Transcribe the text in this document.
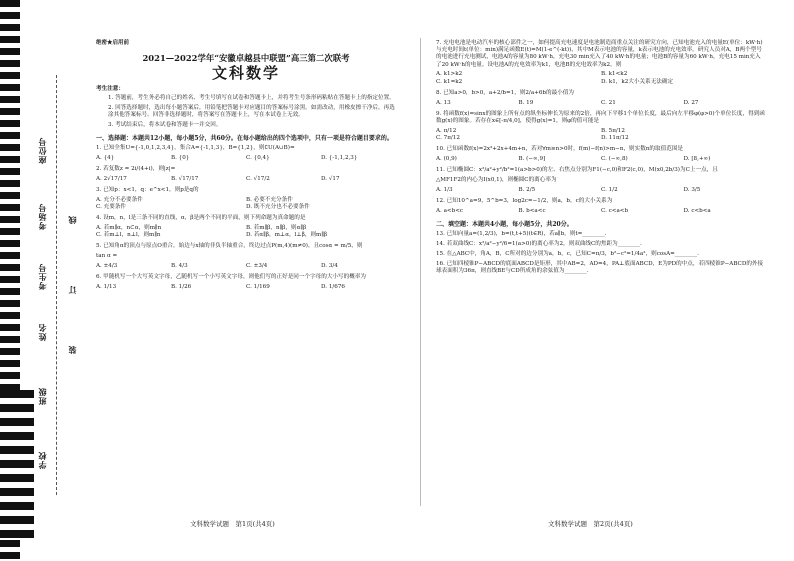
座位号
考场号
考生号
姓名
班级
学校
线
订
装
绝密★启用前
2021—2022学年“安徽卓越县中联盟”高三第二次联考
文科数学
考生注意：

1. 答题前，考生务必将自己的姓名、考生号填写在试卷和答题卡上，并将考生号条形码粘贴在答题卡上的指定位置。

2. 回答选择题时，选出每小题答案后，用铅笔把答题卡对应题目的答案标号涂黑。如需改动，用橡皮擦干净后，再选涂其他答案标号。回答非选择题时，将答案写在答题卡上，写在本试卷上无效。

3. 考试结束后，将本试卷和答题卡一并交回。

一、选择题：本题共12小题，每小题5分，共60分。在每小题给出的四个选项中，只有一项是符合题目要求的。

1. 已知全集U={-1,0,1,2,3,4}，集合A={-1,1,3}，B={1,2}，则∁U(A∪B)=

A. {4}	B. {0}	C. {0,4}	D. {-1,1,2,3}

2. 若复数z = 2i/(4+i)，则|z|=

A. 2√17/17	B. √17/17	C. √17/2	D. √17

3. 已知p：x<1，q：e^x<1，则p是q的

A. 充分不必要条件	B. 必要不充分条件
C. 充要条件	D. 既不充分也不必要条件

4. 设m，n，l是三条不同的直线，α，β是两个不同的平面，则下列命题为真命题的是

A. 若m∥α，n⊂α，则m∥n	B. 若m∥β，n∥β，则α∥β
C. 若m⊥l，n⊥l，则m∥n	D. 若α∥β，m⊥α，l⊥β，则m∥β

5. 已知角α的顶点与原点O重合，始边与x轴的非负半轴重合，终边过点P(m,4)(m≠0)，且cosα = m/5，则

tan α =

A. ±4/3	B. 4/3	C. ±3/4	D. 3/4

6. 甲随机写一个大写英文字母，乙随机写一个小写英文字母，则他们写的正好是同一个字母的大小写的概率为

A. 1/13	B. 1/26	C. 1/169	D. 1/676

7. 充电电池是电动汽车的核心部件之一，如何提高充电速度是电池制造商重点关注的研究方向，已知电池充入的电量E(单位：kW·h)与充电时间t(单位：min)满足函数E(t)=M(1-e^(-kt))，其中M表示电池的容量，k表示电池的充电效率。研究人员对A，B两个型号的电池进行充电测试，电池A的容量为80 kW·h，充电30 min充入了40 kW·h的电量；电池B的容量为60 kW·h，充电15 min充入了20 kW·h的电量。设电池A的充电效率为k1，电池B的充电效率为k2，则

A. k1>k2	B. k1<k2
C. k1=k2	D. k1，k2大小关系无法确定

8. 已知a>0，b>0，a+2/b=1，则2/a+6b的最小值为

A. 13	B. 19	C. 21	D. 27

9. 将函数f(x)=sinx的图象上所有点的纵坐标伸长为原来的2倍，再向下平移1个单位长度，最后向左平移φ(φ>0)个单位长度，得到函数g(x)的图象。若存在x∈[-π/4,0]，使得g(x)=1，则φ的值可能是

A. π/12	B. 5π/12
C. 7π/12	D. 11π/12

10. 已知函数f(x)=2x³+2x+4m+n，若对∀m≥n>0时，f(m)−f(n)>m−n，则实数n的取值范围是

A. (0,9)	B. (−∞,9]	C. (−∞,8)	D. [8,+∞)

11. 已知椭圆C：x²/a²+y²/b²=1(a>b>0)的左、右焦点分别为F1(−c,0)和F2(c,0)，M(x0,2b/3)为C上一点，且

△MF1F2的内心为I(x0,1)，则椭圆C的离心率为

A. 1/3	B. 2/5	C. 1/2	D. 3/5

12. 已知10^a=9，5^b=3，log2c=−1/2，则a，b，c的大小关系为

A. a<b<c	B. b<a<c	C. c<a<b	D. c<b<a
二、填空题：本题共4小题，每小题5分，共20分。

13. 已知向量a=(1,2/3)，b=(t,t+5)(t∈R)，若a∥b，则t=________.

14. 若双曲线C：x²/a²−y²/6=1(a>0)的离心率为2，则双曲线C的焦距为________.

15. 在△ABC中，角A，B，C所对的边分别为a，b，c，已知C=π/3，b²−c²=1/4a²，则cosA=________.

16. 已知四棱锥P−ABCD的底面ABCD是矩形，其中AB=2，AD=4，PA⊥底面ABCD，E为PD的中点，若四棱锥P−ABCD的外接球表面积为36π，则直线BE与CD所成角的余弦值为________.

文科数学试题　第1页(共4页)	文科数学试题　第2页(共4页)
